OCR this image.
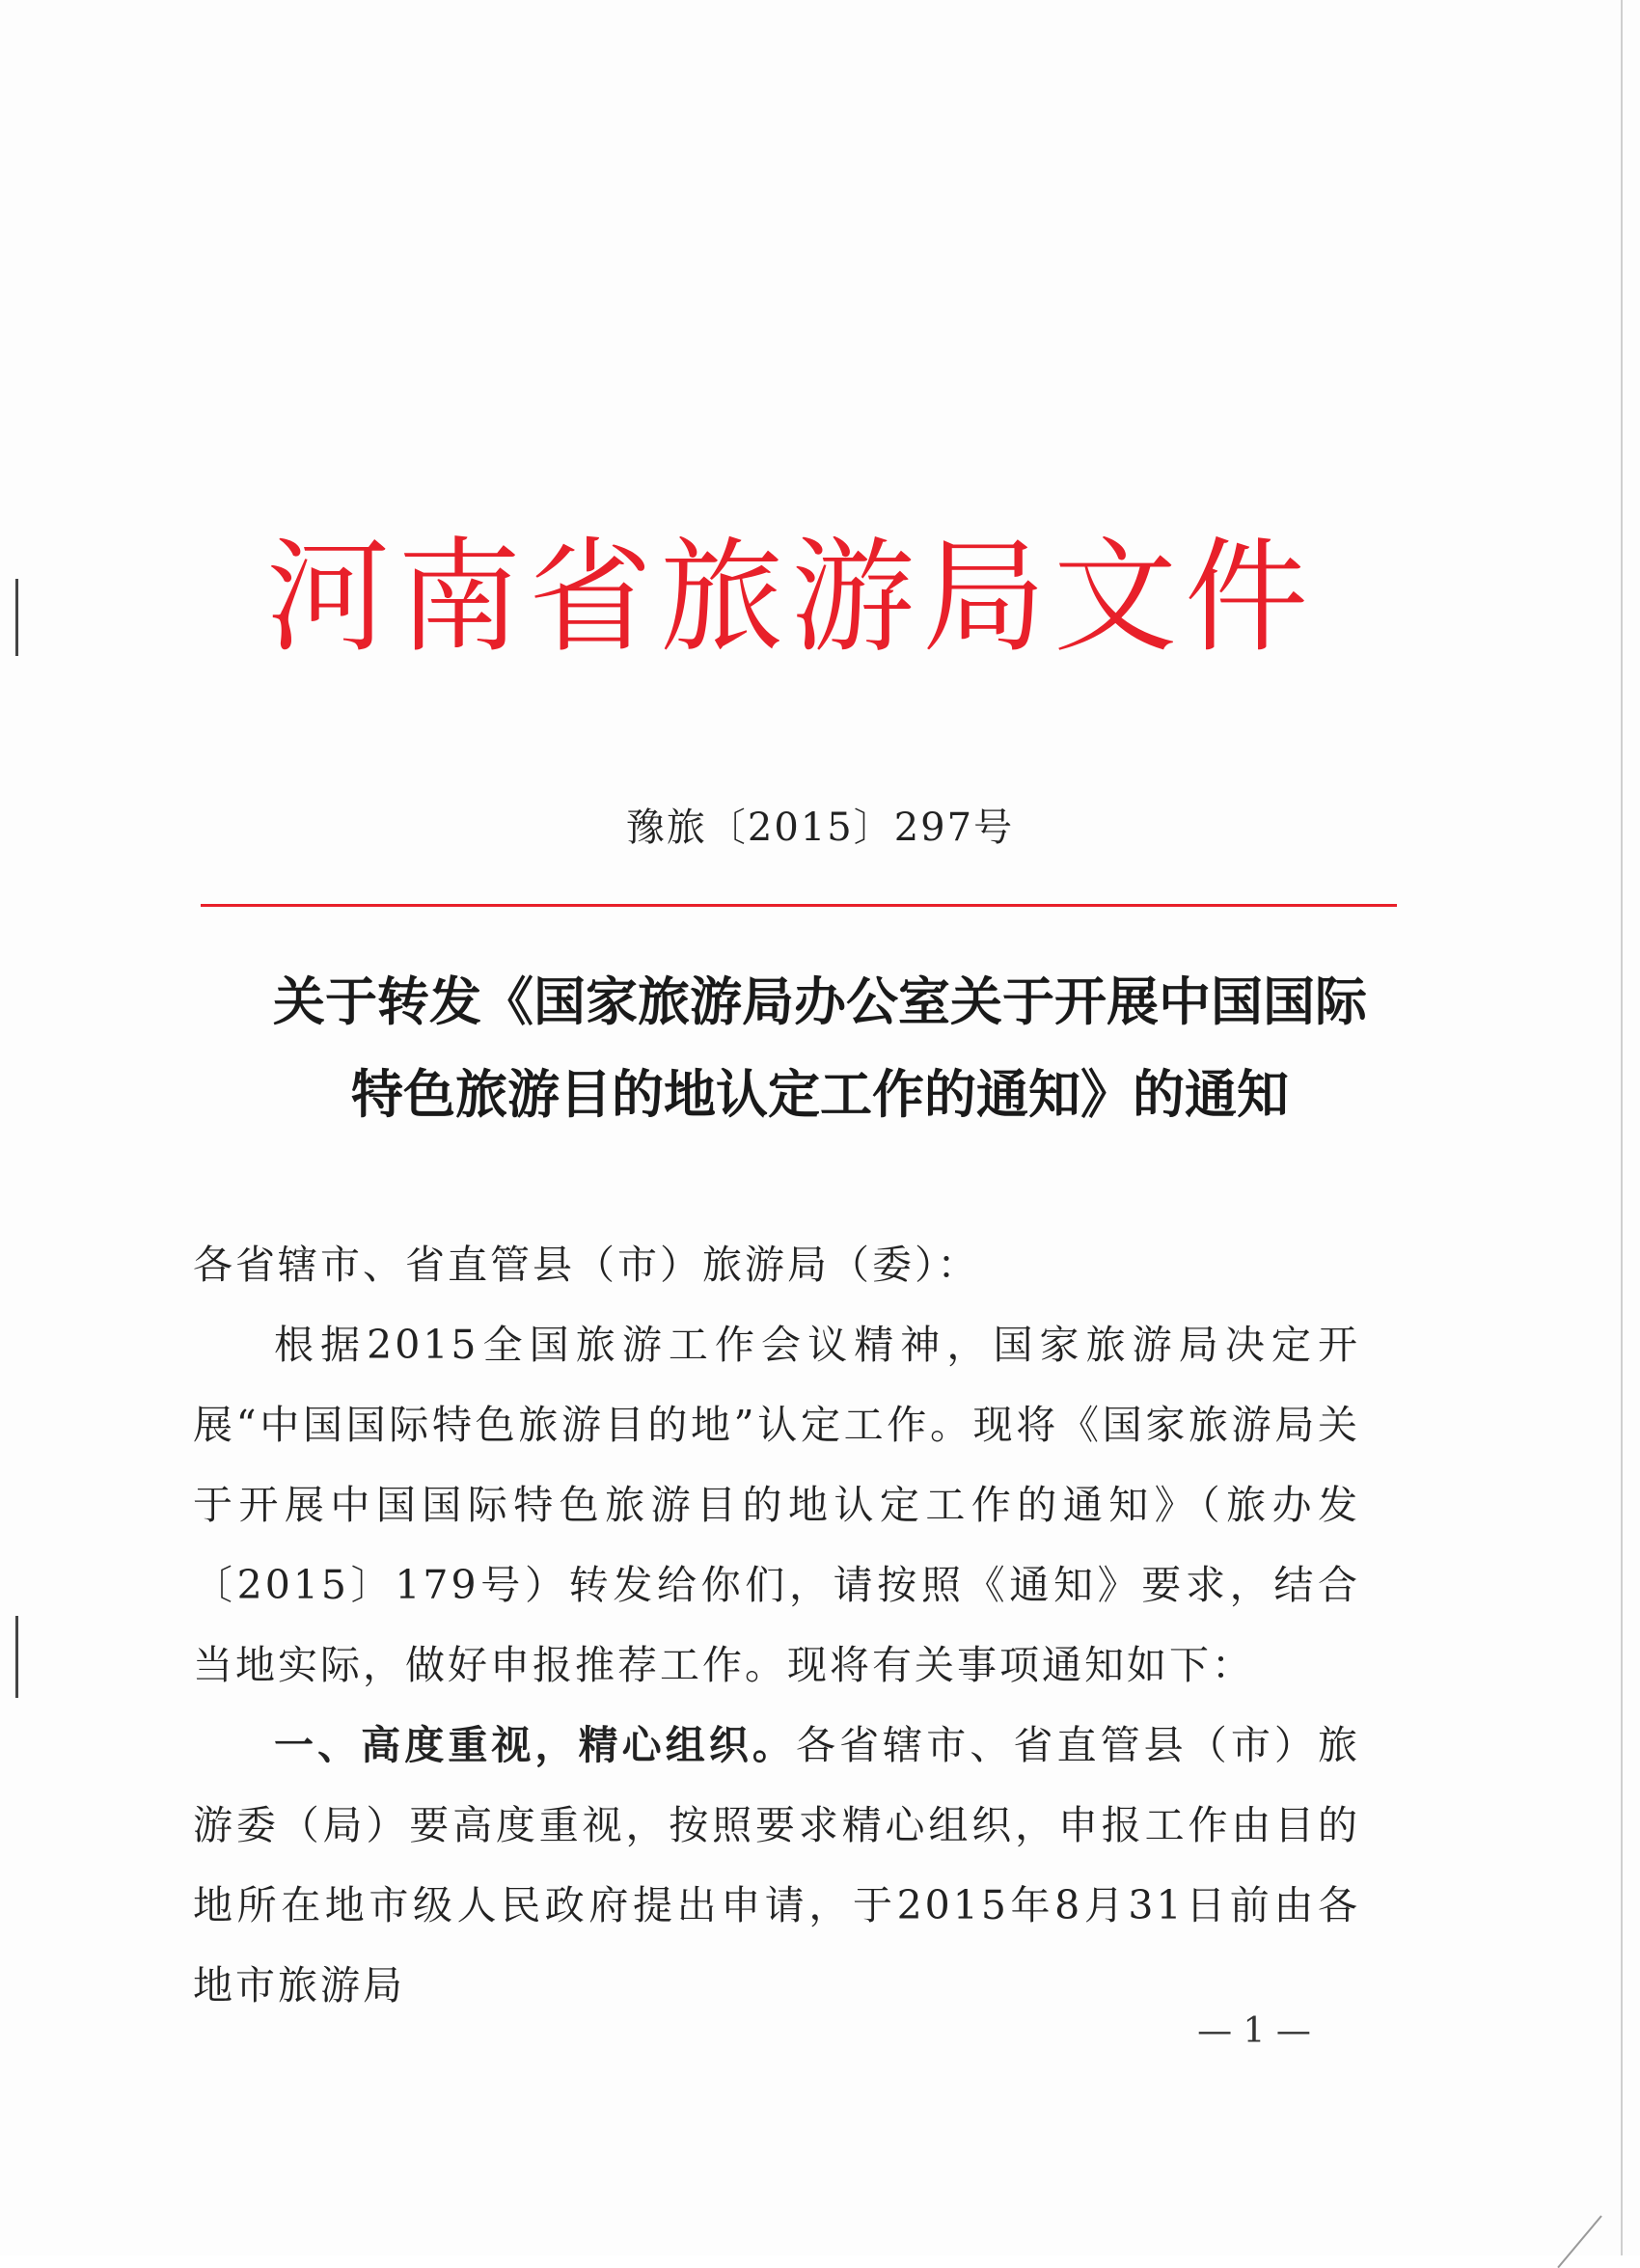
河南省旅游局文件
豫旅〔2015〕297号
关于转发《国家旅游局办公室关于开展中国国际
特色旅游目的地认定工作的通知》的通知

各省辖市、省直管县（市）旅游局（委）：

根据2015全国旅游工作会议精神，国家旅游局决定开展“中国国际特色旅游目的地”认定工作。现将《国家旅游局关于开展中国国际特色旅游目的地认定工作的通知》（旅办发〔2015〕179号）转发给你们，请按照《通知》要求，结合当地实际，做好申报推荐工作。现将有关事项通知如下：

一、高度重视，精心组织。各省辖市、省直管县（市）旅游委（局）要高度重视，按照要求精心组织，申报工作由目的地所在地市级人民政府提出申请，于2015年8月31日前由各地市旅游局

— 1 —
